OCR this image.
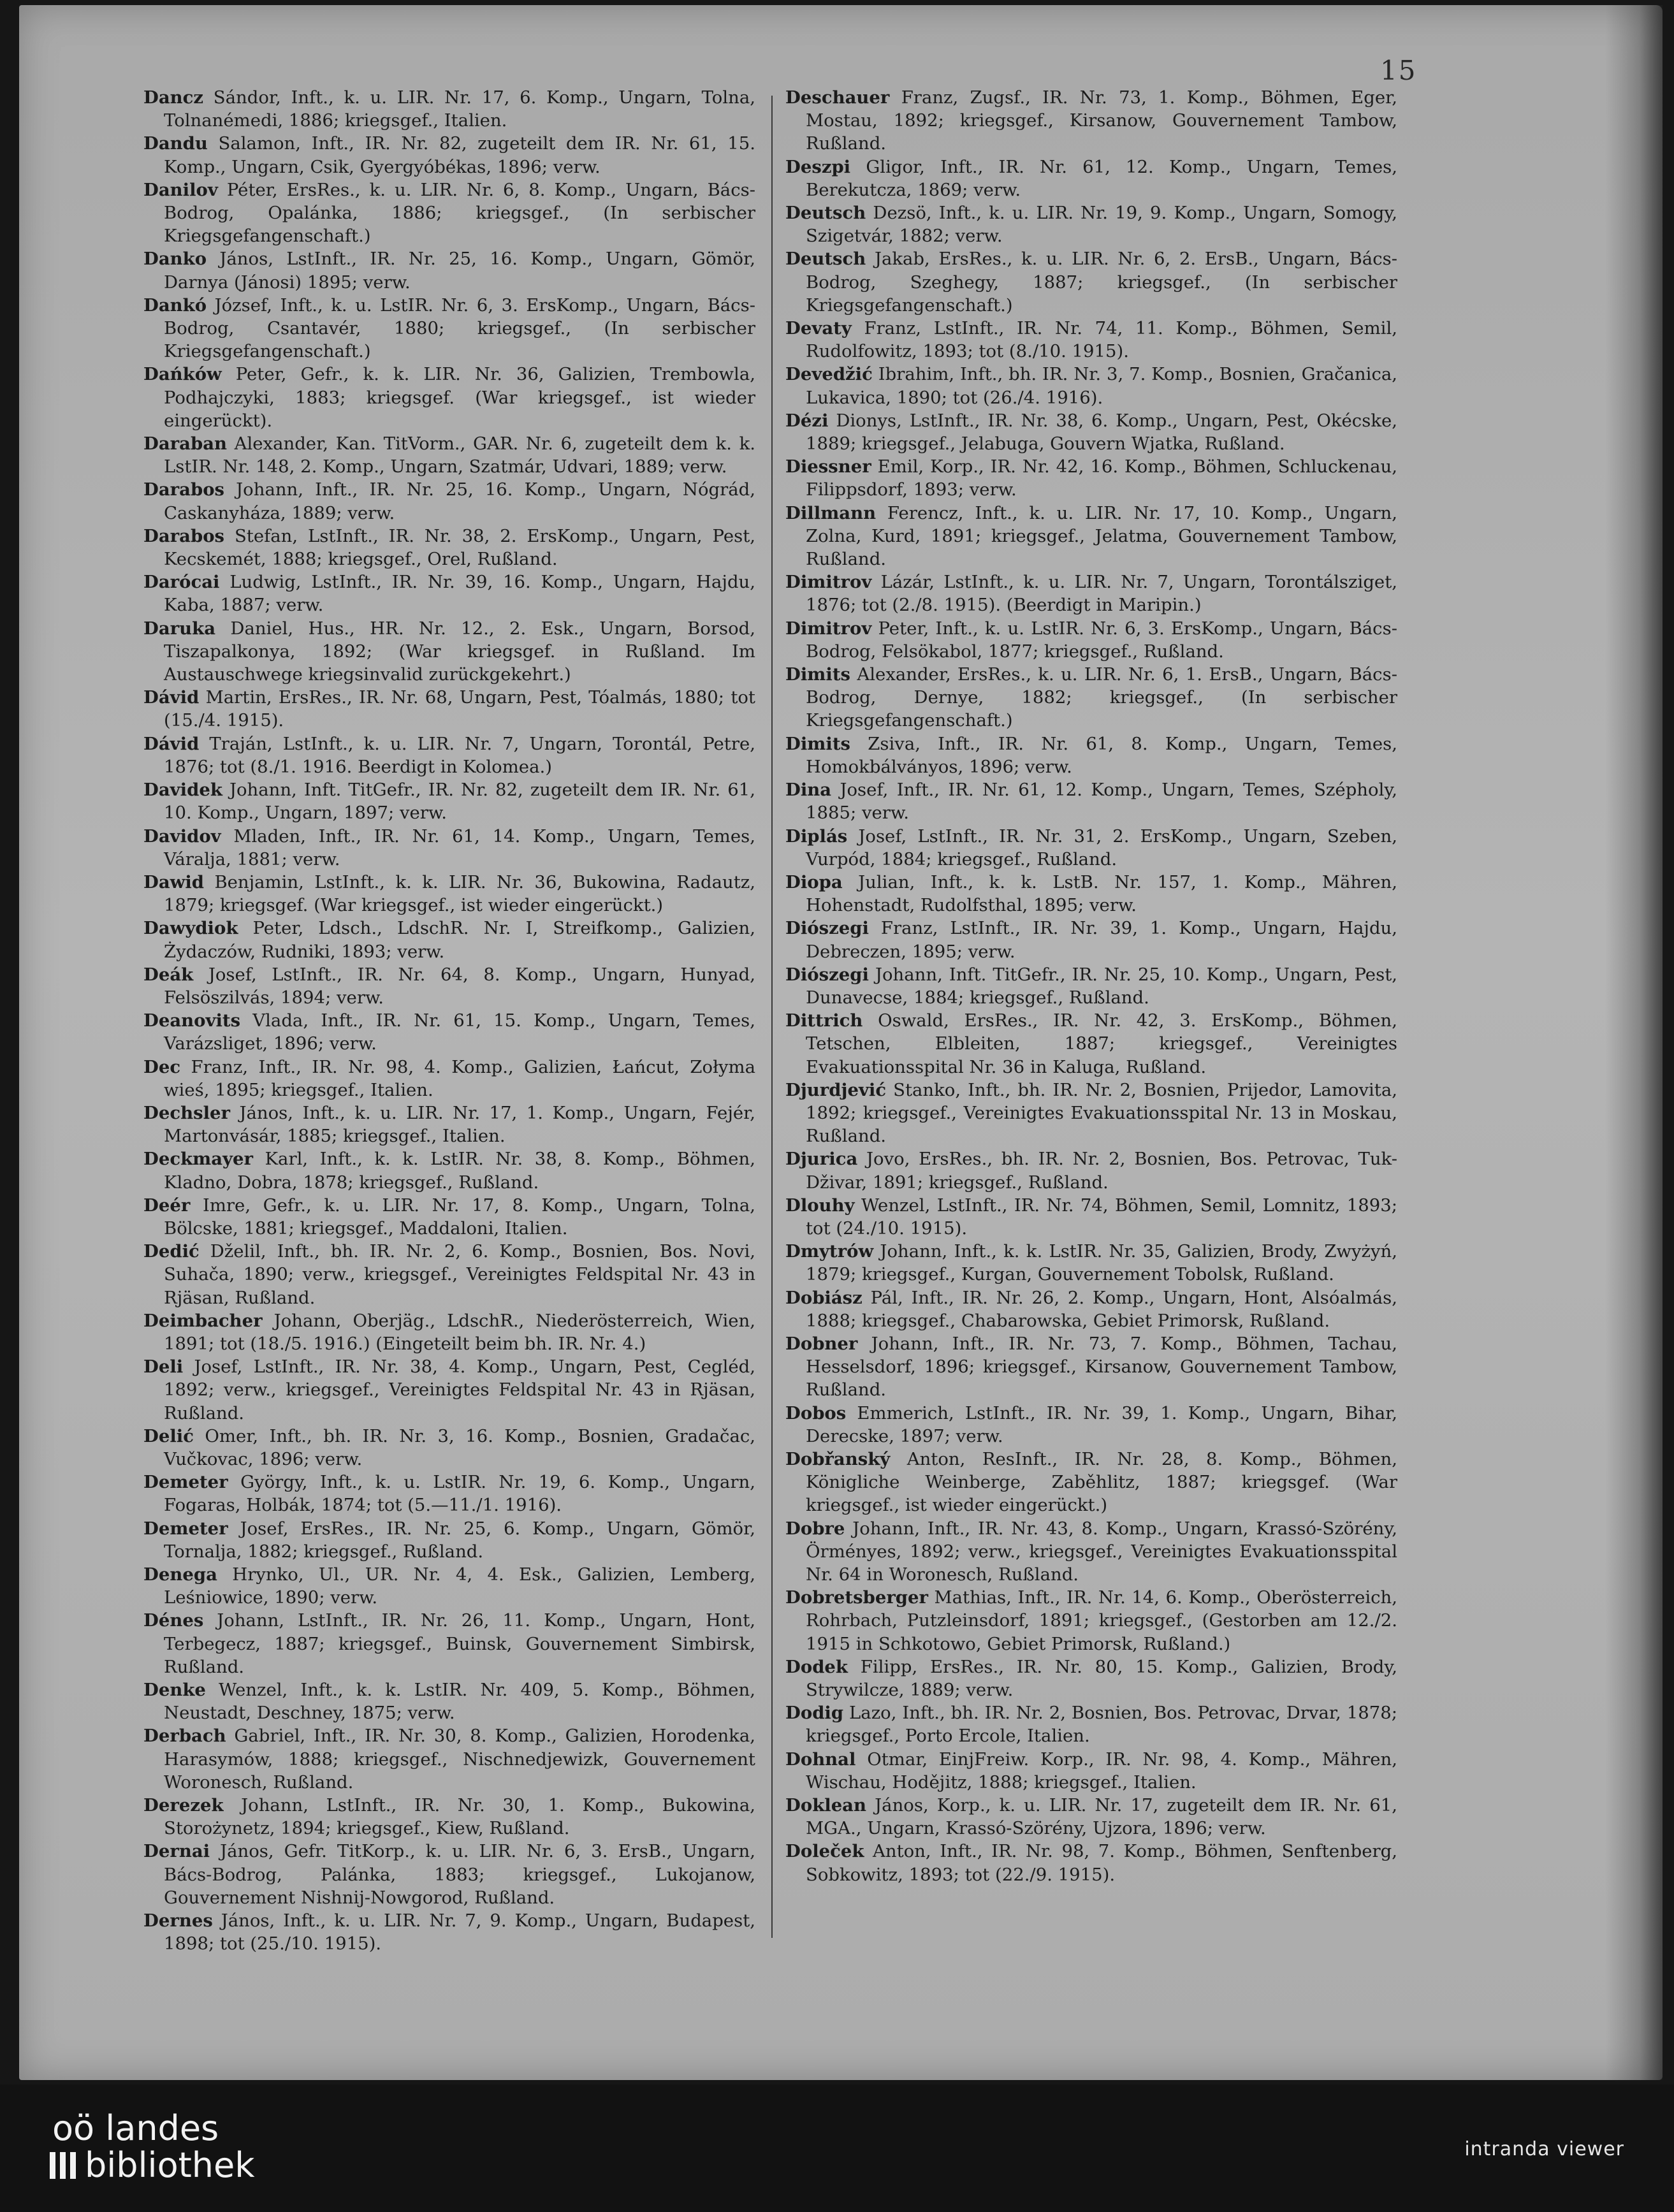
15
Dancz Sándor, Inft., k. u. LIR. Nr. 17, 6. Komp., Ungarn, Tolna, Tolnanémedi, 1886; kriegsgef., Italien.
Dandu Salamon, Inft., IR. Nr. 82, zugeteilt dem IR. Nr. 61, 15. Komp., Ungarn, Csik, Gyergyóbékas, 1896; verw.
Danilov Péter, ErsRes., k. u. LIR. Nr. 6, 8. Komp., Ungarn, Bács-Bodrog, Opalánka, 1886; kriegsgef., (In serbischer Kriegsgefangenschaft.)
Danko János, LstInft., IR. Nr. 25, 16. Komp., Ungarn, Gömör, Darnya (Jánosi) 1895; verw.
Dankó József, Inft., k. u. LstIR. Nr. 6, 3. ErsKomp., Ungarn, Bács-Bodrog, Csantavér, 1880; kriegsgef., (In serbischer Kriegsgefangenschaft.)
Dańków Peter, Gefr., k. k. LIR. Nr. 36, Galizien, Trembowla, Podhajczyki, 1883; kriegsgef. (War kriegsgef., ist wieder eingerückt).
Daraban Alexander, Kan. TitVorm., GAR. Nr. 6, zugeteilt dem k. k. LstIR. Nr. 148, 2. Komp., Ungarn, Szatmár, Udvari, 1889; verw.
Darabos Johann, Inft., IR. Nr. 25, 16. Komp., Ungarn, Nógrád, Caskanyháza, 1889; verw.
Darabos Stefan, LstInft., IR. Nr. 38, 2. ErsKomp., Ungarn, Pest, Kecskemét, 1888; kriegsgef., Orel, Rußland.
Darócai Ludwig, LstInft., IR. Nr. 39, 16. Komp., Ungarn, Hajdu, Kaba, 1887; verw.
Daruka Daniel, Hus., HR. Nr. 12., 2. Esk., Ungarn, Borsod, Tiszapalkonya, 1892; (War kriegsgef. in Rußland. Im Austauschwege kriegsinvalid zurückgekehrt.)
Dávid Martin, ErsRes., IR. Nr. 68, Ungarn, Pest, Tóalmás, 1880; tot (15./4. 1915).
Dávid Traján, LstInft., k. u. LIR. Nr. 7, Ungarn, Torontál, Petre, 1876; tot (8./1. 1916. Beerdigt in Kolomea.)
Davidek Johann, Inft. TitGefr., IR. Nr. 82, zugeteilt dem IR. Nr. 61, 10. Komp., Ungarn, 1897; verw.
Davidov Mladen, Inft., IR. Nr. 61, 14. Komp., Ungarn, Temes, Váralja, 1881; verw.
Dawid Benjamin, LstInft., k. k. LIR. Nr. 36, Bukowina, Radautz, 1879; kriegsgef. (War kriegsgef., ist wieder eingerückt.)
Dawydiok Peter, Ldsch., LdschR. Nr. I, Streifkomp., Galizien, Żydaczów, Rudniki, 1893; verw.
Deák Josef, LstInft., IR. Nr. 64, 8. Komp., Ungarn, Hunyad, Felsöszilvás, 1894; verw.
Deanovits Vlada, Inft., IR. Nr. 61, 15. Komp., Ungarn, Temes, Varázsliget, 1896; verw.
Dec Franz, Inft., IR. Nr. 98, 4. Komp., Galizien, Łańcut, Zołyma wieś, 1895; kriegsgef., Italien.
Dechsler János, Inft., k. u. LIR. Nr. 17, 1. Komp., Ungarn, Fejér, Martonvásár, 1885; kriegsgef., Italien.
Deckmayer Karl, Inft., k. k. LstIR. Nr. 38, 8. Komp., Böhmen, Kladno, Dobra, 1878; kriegsgef., Rußland.
Deér Imre, Gefr., k. u. LIR. Nr. 17, 8. Komp., Ungarn, Tolna, Bölcske, 1881; kriegsgef., Maddaloni, Italien.
Dedić Dželil, Inft., bh. IR. Nr. 2, 6. Komp., Bosnien, Bos. Novi, Suhača, 1890; verw., kriegsgef., Vereinigtes Feldspital Nr. 43 in Rjäsan, Rußland.
Deimbacher Johann, Oberjäg., LdschR., Niederösterreich, Wien, 1891; tot (18./5. 1916.) (Eingeteilt beim bh. IR. Nr. 4.)
Deli Josef, LstInft., IR. Nr. 38, 4. Komp., Ungarn, Pest, Cegléd, 1892; verw., kriegsgef., Vereinigtes Feldspital Nr. 43 in Rjäsan, Rußland.
Delić Omer, Inft., bh. IR. Nr. 3, 16. Komp., Bosnien, Gradačac, Vučkovac, 1896; verw.
Demeter György, Inft., k. u. LstIR. Nr. 19, 6. Komp., Ungarn, Fogaras, Holbák, 1874; tot (5.—11./1. 1916).
Demeter Josef, ErsRes., IR. Nr. 25, 6. Komp., Ungarn, Gömör, Tornalja, 1882; kriegsgef., Rußland.
Denega Hrynko, Ul., UR. Nr. 4, 4. Esk., Galizien, Lemberg, Leśniowice, 1890; verw.
Dénes Johann, LstInft., IR. Nr. 26, 11. Komp., Ungarn, Hont, Terbegecz, 1887; kriegsgef., Buinsk, Gouvernement Simbirsk, Rußland.
Denke Wenzel, Inft., k. k. LstIR. Nr. 409, 5. Komp., Böhmen, Neustadt, Deschney, 1875; verw.
Derbach Gabriel, Inft., IR. Nr. 30, 8. Komp., Galizien, Horodenka, Harasymów, 1888; kriegsgef., Nischnedjewizk, Gouvernement Woronesch, Rußland.
Derezek Johann, LstInft., IR. Nr. 30, 1. Komp., Bukowina, Storożynetz, 1894; kriegsgef., Kiew, Rußland.
Dernai János, Gefr. TitKorp., k. u. LIR. Nr. 6, 3. ErsB., Ungarn, Bács-Bodrog, Palánka, 1883; kriegsgef., Lukojanow, Gouvernement Nishnij-Nowgorod, Rußland.
Dernes János, Inft., k. u. LIR. Nr. 7, 9. Komp., Ungarn, Budapest, 1898; tot (25./10. 1915).
Deschauer Franz, Zugsf., IR. Nr. 73, 1. Komp., Böhmen, Eger, Mostau, 1892; kriegsgef., Kirsanow, Gouvernement Tambow, Rußland.
Deszpi Gligor, Inft., IR. Nr. 61, 12. Komp., Ungarn, Temes, Berekutcza, 1869; verw.
Deutsch Dezsö, Inft., k. u. LIR. Nr. 19, 9. Komp., Ungarn, Somogy, Szigetvár, 1882; verw.
Deutsch Jakab, ErsRes., k. u. LIR. Nr. 6, 2. ErsB., Ungarn, Bács-Bodrog, Szeghegy, 1887; kriegsgef., (In serbischer Kriegsgefangenschaft.)
Devaty Franz, LstInft., IR. Nr. 74, 11. Komp., Böhmen, Semil, Rudolfowitz, 1893; tot (8./10. 1915).
Devedžić Ibrahim, Inft., bh. IR. Nr. 3, 7. Komp., Bosnien, Gračanica, Lukavica, 1890; tot (26./4. 1916).
Dézi Dionys, LstInft., IR. Nr. 38, 6. Komp., Ungarn, Pest, Okécske, 1889; kriegsgef., Jelabuga, Gouvern Wjatka, Rußland.
Diessner Emil, Korp., IR. Nr. 42, 16. Komp., Böhmen, Schluckenau, Filippsdorf, 1893; verw.
Dillmann Ferencz, Inft., k. u. LIR. Nr. 17, 10. Komp., Ungarn, Zolna, Kurd, 1891; kriegsgef., Jelatma, Gouvernement Tambow, Rußland.
Dimitrov Lázár, LstInft., k. u. LIR. Nr. 7, Ungarn, Torontálsziget, 1876; tot (2./8. 1915). (Beerdigt in Maripin.)
Dimitrov Peter, Inft., k. u. LstIR. Nr. 6, 3. ErsKomp., Ungarn, Bács-Bodrog, Felsökabol, 1877; kriegsgef., Rußland.
Dimits Alexander, ErsRes., k. u. LIR. Nr. 6, 1. ErsB., Ungarn, Bács-Bodrog, Dernye, 1882; kriegsgef., (In serbischer Kriegsgefangenschaft.)
Dimits Zsiva, Inft., IR. Nr. 61, 8. Komp., Ungarn, Temes, Homokbálványos, 1896; verw.
Dina Josef, Inft., IR. Nr. 61, 12. Komp., Ungarn, Temes, Szépholy, 1885; verw.
Diplás Josef, LstInft., IR. Nr. 31, 2. ErsKomp., Ungarn, Szeben, Vurpód, 1884; kriegsgef., Rußland.
Diopa Julian, Inft., k. k. LstB. Nr. 157, 1. Komp., Mähren, Hohenstadt, Rudolfsthal, 1895; verw.
Diószegi Franz, LstInft., IR. Nr. 39, 1. Komp., Ungarn, Hajdu, Debreczen, 1895; verw.
Diószegi Johann, Inft. TitGefr., IR. Nr. 25, 10. Komp., Ungarn, Pest, Dunavecse, 1884; kriegsgef., Rußland.
Dittrich Oswald, ErsRes., IR. Nr. 42, 3. ErsKomp., Böhmen, Tetschen, Elbleiten, 1887; kriegsgef., Vereinigtes Evakuationsspital Nr. 36 in Kaluga, Rußland.
Djurdjević Stanko, Inft., bh. IR. Nr. 2, Bosnien, Prijedor, Lamovita, 1892; kriegsgef., Vereinigtes Evakuationsspital Nr. 13 in Moskau, Rußland.
Djurica Jovo, ErsRes., bh. IR. Nr. 2, Bosnien, Bos. Petrovac, Tuk-Dživar, 1891; kriegsgef., Rußland.
Dlouhy Wenzel, LstInft., IR. Nr. 74, Böhmen, Semil, Lomnitz, 1893; tot (24./10. 1915).
Dmytrów Johann, Inft., k. k. LstIR. Nr. 35, Galizien, Brody, Zwyżyń, 1879; kriegsgef., Kurgan, Gouvernement Tobolsk, Rußland.
Dobiász Pál, Inft., IR. Nr. 26, 2. Komp., Ungarn, Hont, Alsóalmás, 1888; kriegsgef., Chabarowska, Gebiet Primorsk, Rußland.
Dobner Johann, Inft., IR. Nr. 73, 7. Komp., Böhmen, Tachau, Hesselsdorf, 1896; kriegsgef., Kirsanow, Gouvernement Tambow, Rußland.
Dobos Emmerich, LstInft., IR. Nr. 39, 1. Komp., Ungarn, Bihar, Derecske, 1897; verw.
Dobřanský Anton, ResInft., IR. Nr. 28, 8. Komp., Böhmen, Königliche Weinberge, Zaběhlitz, 1887; kriegsgef. (War kriegsgef., ist wieder eingerückt.)
Dobre Johann, Inft., IR. Nr. 43, 8. Komp., Ungarn, Krassó-Szörény, Örményes, 1892; verw., kriegsgef., Vereinigtes Evakuationsspital Nr. 64 in Woronesch, Rußland.
Dobretsberger Mathias, Inft., IR. Nr. 14, 6. Komp., Oberösterreich, Rohrbach, Putzleinsdorf, 1891; kriegsgef., (Gestorben am 12./2. 1915 in Schkotowo, Gebiet Primorsk, Rußland.)
Dodek Filipp, ErsRes., IR. Nr. 80, 15. Komp., Galizien, Brody, Strywilcze, 1889; verw.
Dodig Lazo, Inft., bh. IR. Nr. 2, Bosnien, Bos. Petrovac, Drvar, 1878; kriegsgef., Porto Ercole, Italien.
Dohnal Otmar, EinjFreiw. Korp., IR. Nr. 98, 4. Komp., Mähren, Wischau, Hodějitz, 1888; kriegsgef., Italien.
Doklean János, Korp., k. u. LIR. Nr. 17, zugeteilt dem IR. Nr. 61, MGA., Ungarn, Krassó-Szörény, Ujzora, 1896; verw.
Doleček Anton, Inft., IR. Nr. 98, 7. Komp., Böhmen, Senftenberg, Sobkowitz, 1893; tot (22./9. 1915).
oö landes
bibliothek	intranda viewer
